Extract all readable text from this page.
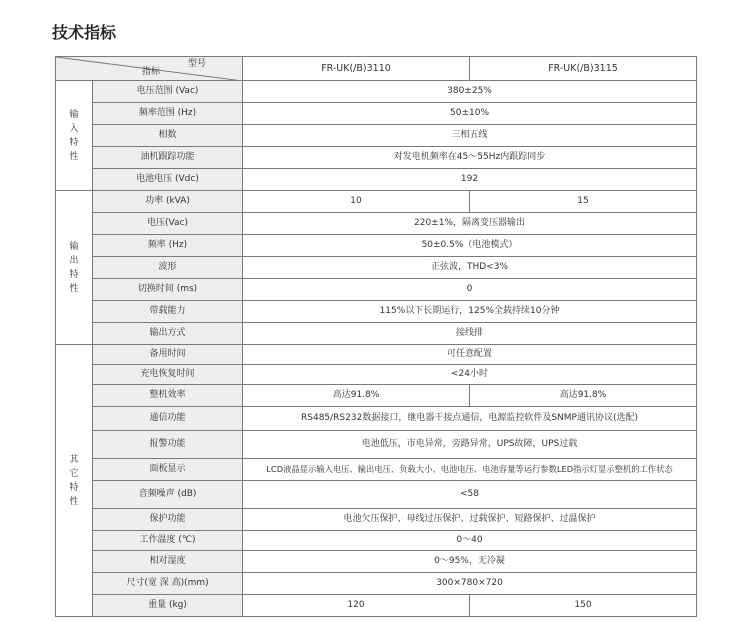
技术指标
型号
指标		FR-UK(/B)3110	FR-UK(/B)3115

输
入
特
性	电压范围 (Vac)	380±25%	
	频率范围 (Hz)	50±10%	
	相数	三相五线	
	油机跟踪功能	对发电机频率在45～55Hz内跟踪同步	
	电池电压 (Vdc)	192	

输
出
特
性	功率 (kVA)	10	15
	电压(Vac)	220±1%，隔离变压器输出	
	频率 (Hz)	50±0.5%（电池模式）	
	波形	正弦波，THD<3%	
	切换时间 (ms)	0	
	带载能力	115%以下长期运行，125%全载持续10分钟	
	输出方式	接线排	

其
它
特
性	备用时间	可任意配置	
	充电恢复时间	<24小时	
	整机效率	高达91.8%	高达91.8%
	通信功能	RS485/RS232数据接口，继电器干接点通信，电源监控软件及SNMP通讯协议(选配)	
	报警功能	电池低压，市电异常，旁路异常，UPS故障，UPS过载	
	面板显示	LCD液晶显示输入电压、输出电压、负载大小、电池电压、电池容量等运行参数LED指示灯显示整机的工作状态	
	音频噪声 (dB)	<58	
	保护功能	电池欠压保护、母线过压保护、过载保护、短路保护、过温保护	
	工作温度 (℃)	0～40	
	相对湿度	0～95%，无冷凝	
	尺寸(宽 深 高)(mm)	300×780×720	
	重量 (kg)	120	150
